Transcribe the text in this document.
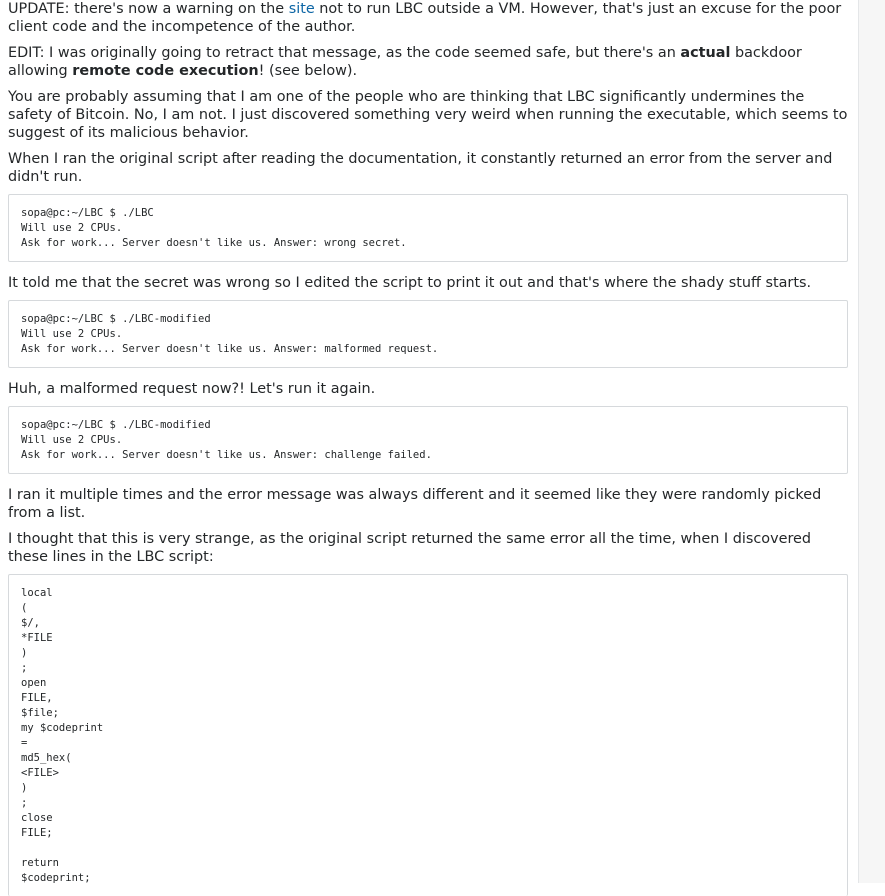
UPDATE: there's now a warning on the site not to run LBC outside a VM. However, that's just an excuse for the poor client code and the incompetence of the author.

EDIT: I was originally going to retract that message, as the code seemed safe, but there's an actual backdoor allowing remote code execution! (see below).

You are probably assuming that I am one of the people who are thinking that LBC significantly undermines the safety of Bitcoin. No, I am not. I just discovered something very weird when running the executable, which seems to suggest of its malicious behavior.

When I ran the original script after reading the documentation, it constantly returned an error from the server and didn't run.

sopa@pc:~/LBC $ ./LBC
Will use 2 CPUs.
Ask for work... Server doesn't like us. Answer: wrong secret.

It told me that the secret was wrong so I edited the script to print it out and that's where the shady stuff starts.

sopa@pc:~/LBC $ ./LBC-modified
Will use 2 CPUs.
Ask for work... Server doesn't like us. Answer: malformed request.

Huh, a malformed request now?! Let's run it again.

sopa@pc:~/LBC $ ./LBC-modified
Will use 2 CPUs.
Ask for work... Server doesn't like us. Answer: challenge failed.

I ran it multiple times and the error message was always different and it seemed like they were randomly picked from a list.

I thought that this is very strange, as the original script returned the same error all the time, when I discovered these lines in the LBC script:

local
(
$/,
*FILE
)
;
open
FILE,
$file;
my $codeprint
=
md5_hex(
<FILE>
)
;
close
FILE;
return
$codeprint;
